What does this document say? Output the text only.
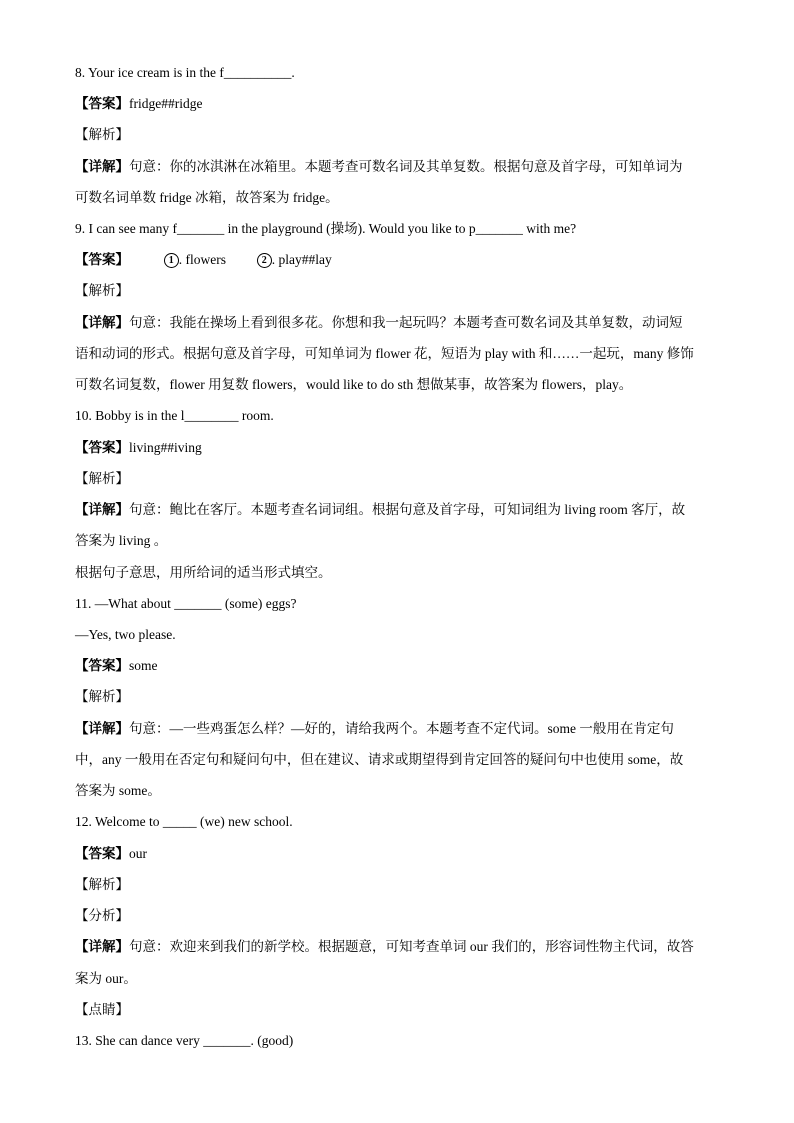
8. Your ice cream is in the f__________.
【答案】fridge##ridge
【解析】
【详解】句意：你的冰淇淋在冰箱里。本题考查可数名词及其单复数。根据句意及首字母，可知单词为
可数名词单数 fridge 冰箱，故答案为 fridge。
9. I can see many f_______ in the playground (操场). Would you like to p_______ with me?
【答案】	1 . flowers	2 . play##lay
【解析】
【详解】句意：我能在操场上看到很多花。你想和我一起玩吗？本题考查可数名词及其单复数，动词短
语和动词的形式。根据句意及首字母，可知单词为 flower 花，短语为 play with 和……一起玩，many 修饰
可数名词复数，flower 用复数 flowers，would like to do sth 想做某事，故答案为 flowers，play。
10. Bobby is in the l________ room.
【答案】living##iving
【解析】
【详解】句意：鲍比在客厅。本题考查名词词组。根据句意及首字母，可知词组为 living room 客厅，故
答案为 living 。
根据句子意思，用所给词的适当形式填空。
11. —What about _______ (some) eggs?
—Yes, two please.
【答案】some
【解析】
【详解】句意：—一些鸡蛋怎么样？—好的，请给我两个。本题考查不定代词。some 一般用在肯定句
中，any 一般用在否定句和疑问句中，但在建议、请求或期望得到肯定回答的疑问句中也使用 some，故
答案为 some。
12. Welcome to _____ (we) new school.
【答案】our
【解析】
【分析】
【详解】句意：欢迎来到我们的新学校。根据题意，可知考查单词 our 我们的，形容词性物主代词，故答
案为 our。
【点睛】
13. She can dance very _______. (good)
